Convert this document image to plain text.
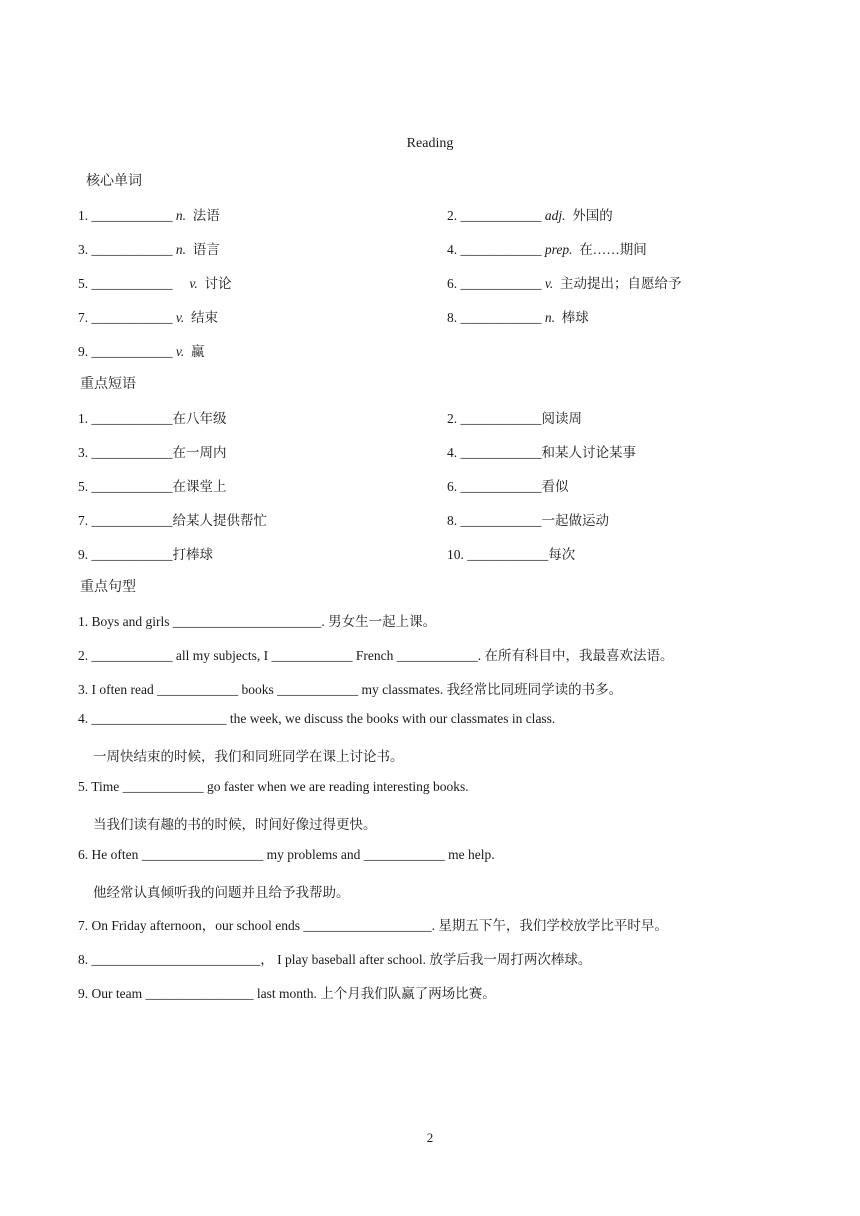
Reading
核心单词
1. ____________ n. 法语	2. ____________ adj. 外国的
3. ____________ n. 语言	4. ____________ prep. 在……期间
5. ____________ v. 讨论	6. ____________ v. 主动提出；自愿给予
7. ____________ v. 结束	8. ____________ n. 棒球
9. ____________ v. 赢
重点短语
1. ____________在八年级	2. ____________阅读周
3. ____________在一周内	4. ____________和某人讨论某事
5. ____________在课堂上	6. ____________看似
7. ____________给某人提供帮忙	8. ____________一起做运动
9. ____________打棒球	10. ____________每次
重点句型
1. Boys and girls ______________________. 男女生一起上课。
2. ____________ all my subjects, I ____________ French ____________. 在所有科目中，我最喜欢法语。
3. I often read ____________ books ____________ my classmates. 我经常比同班同学读的书多。
4. ____________________ the week, we discuss the books with our classmates in class.
一周快结束的时候，我们和同班同学在课上讨论书。
5. Time ____________ go faster when we are reading interesting books.
当我们读有趣的书的时候，时间好像过得更快。
6. He often __________________ my problems and ____________ me help.
他经常认真倾听我的问题并且给予我帮助。
7. On Friday afternoon，our school ends ___________________. 星期五下午，我们学校放学比平时早。
8. _________________________， I play baseball after school. 放学后我一周打两次棒球。
9. Our team ________________ last month. 上个月我们队赢了两场比赛。
2
